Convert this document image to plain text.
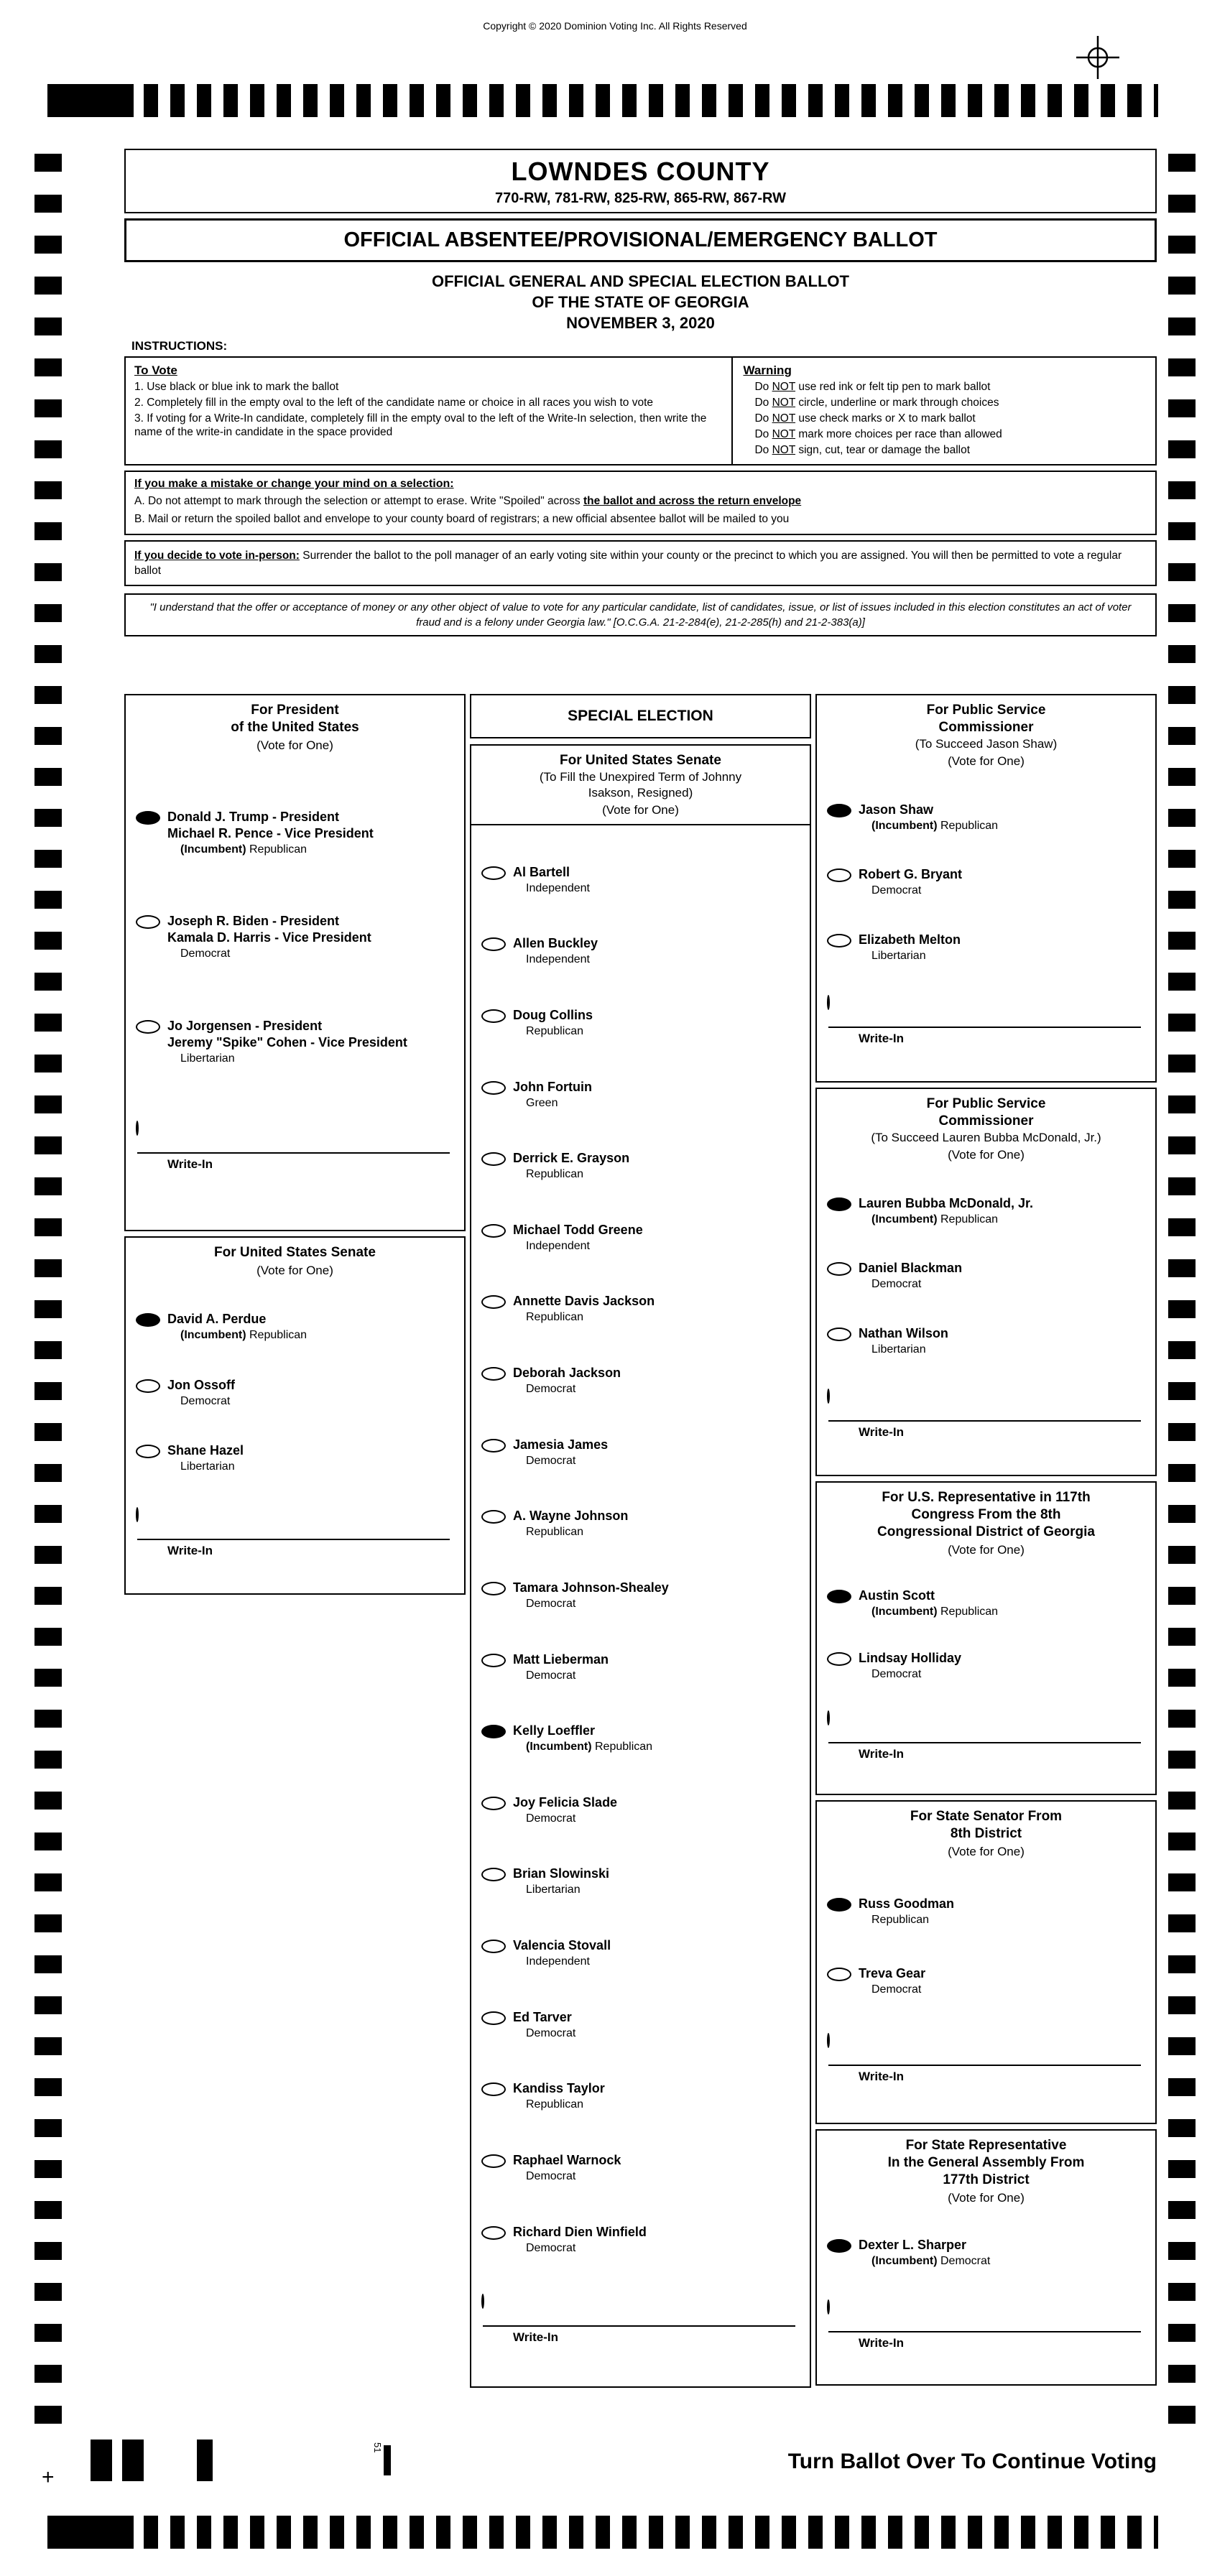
Copyright © 2020 Dominion Voting Inc. All Rights Reserved
+
LOWNDES COUNTY
770-RW, 781-RW, 825-RW, 865-RW, 867-RW
OFFICIAL ABSENTEE/PROVISIONAL/EMERGENCY BALLOT
OFFICIAL GENERAL AND SPECIAL ELECTION BALLOT
OF THE STATE OF GEORGIA
NOVEMBER 3, 2020
INSTRUCTIONS:
To Vote
1. Use black or blue ink to mark the ballot
2. Completely fill in the empty oval to the left of the candidate name or choice in all races you wish to vote
3. If voting for a Write-In candidate, completely fill in the empty oval to the left of the Write-In selection, then write the name of the write-in candidate in the space provided
Warning
Do NOT use red ink or felt tip pen to mark ballot
Do NOT circle, underline or mark through choices
Do NOT use check marks or X to mark ballot
Do NOT mark more choices per race than allowed
Do NOT sign, cut, tear or damage the ballot
If you make a mistake or change your mind on a selection:
A. Do not attempt to mark through the selection or attempt to erase. Write "Spoiled" across the ballot and across the return envelope
B. Mail or return the spoiled ballot and envelope to your county board of registrars; a new official absentee ballot will be mailed to you
If you decide to vote in-person: Surrender the ballot to the poll manager of an early voting site within your county or the precinct to which you are assigned. You will then be permitted to vote a regular ballot
"I understand that the offer or acceptance of money or any other object of value to vote for any particular candidate, list of candidates, issue, or list of issues included in this election constitutes an act of voter fraud and is a felony under Georgia law." [O.C.G.A. 21-2-284(e), 21-2-285(h) and 21-2-383(a)]
For President
of the United States
(Vote for One)
Donald J. Trump - President
Michael R. Pence - Vice President
(Incumbent) Republican
Joseph R. Biden - President
Kamala D. Harris - Vice President
Democrat
Jo Jorgensen - President
Jeremy "Spike" Cohen - Vice President
Libertarian
Write-In
For United States Senate
(Vote for One)
David A. Perdue
(Incumbent) Republican
Jon Ossoff
Democrat
Shane Hazel
Libertarian
Write-In
SPECIAL ELECTION
For United States Senate
(To Fill the Unexpired Term of Johnny
Isakson, Resigned)
(Vote for One)
Al Bartell
Independent
Allen Buckley
Independent
Doug Collins
Republican
John Fortuin
Green
Derrick E. Grayson
Republican
Michael Todd Greene
Independent
Annette Davis Jackson
Republican
Deborah Jackson
Democrat
Jamesia James
Democrat
A. Wayne Johnson
Republican
Tamara Johnson-Shealey
Democrat
Matt Lieberman
Democrat
Kelly Loeffler
(Incumbent) Republican
Joy Felicia Slade
Democrat
Brian Slowinski
Libertarian
Valencia Stovall
Independent
Ed Tarver
Democrat
Kandiss Taylor
Republican
Raphael Warnock
Democrat
Richard Dien Winfield
Democrat
Write-In
For Public Service
Commissioner
(To Succeed Jason Shaw)
(Vote for One)
Jason Shaw
(Incumbent) Republican
Robert G. Bryant
Democrat
Elizabeth Melton
Libertarian
Write-In
For Public Service
Commissioner
(To Succeed Lauren Bubba McDonald, Jr.)
(Vote for One)
Lauren Bubba McDonald, Jr.
(Incumbent) Republican
Daniel Blackman
Democrat
Nathan Wilson
Libertarian
Write-In
For U.S. Representative in 117th
Congress From the 8th
Congressional District of Georgia
(Vote for One)
Austin Scott
(Incumbent) Republican
Lindsay Holliday
Democrat
Write-In
For State Senator From
8th District
(Vote for One)
Russ Goodman
Republican
Treva Gear
Democrat
Write-In
For State Representative
In the General Assembly From
177th District
(Vote for One)
Dexter L. Sharper
(Incumbent) Democrat
Write-In
51
Turn Ballot Over To Continue Voting
